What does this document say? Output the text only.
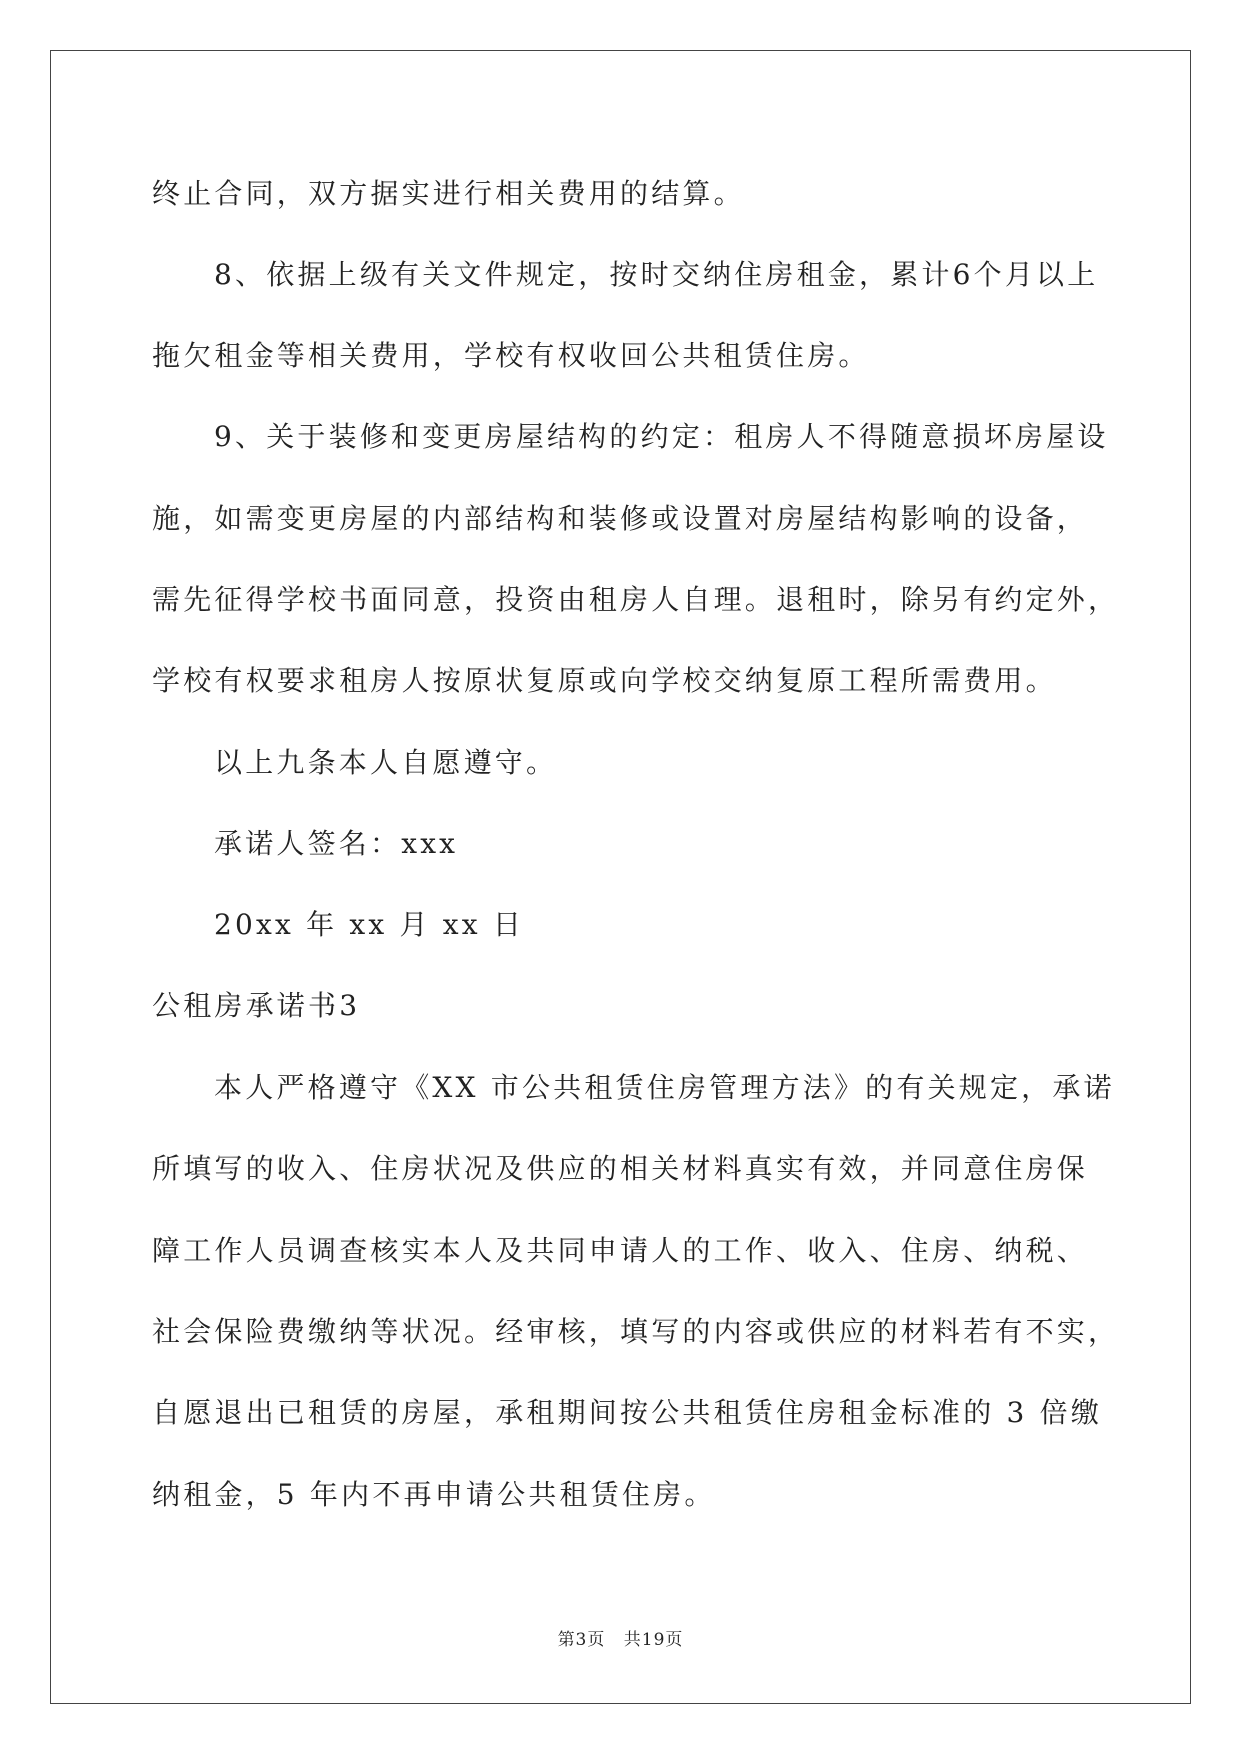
终止合同，双方据实进行相关费用的结算。
8、依据上级有关文件规定，按时交纳住房租金，累计6个月以上
拖欠租金等相关费用，学校有权收回公共租赁住房。
9、关于装修和变更房屋结构的约定：租房人不得随意损坏房屋设
施，如需变更房屋的内部结构和装修或设置对房屋结构影响的设备，
需先征得学校书面同意，投资由租房人自理。退租时，除另有约定外，
学校有权要求租房人按原状复原或向学校交纳复原工程所需费用。
以上九条本人自愿遵守。
承诺人签名：xxx
20xx 年 xx 月 xx 日
公租房承诺书3
本人严格遵守《XX 市公共租赁住房管理方法》的有关规定，承诺
所填写的收入、住房状况及供应的相关材料真实有效，并同意住房保
障工作人员调查核实本人及共同申请人的工作、收入、住房、纳税、
社会保险费缴纳等状况。经审核，填写的内容或供应的材料若有不实，
自愿退出已租赁的房屋，承租期间按公共租赁住房租金标准的 3 倍缴
纳租金，5 年内不再申请公共租赁住房。
第3页 共19页
